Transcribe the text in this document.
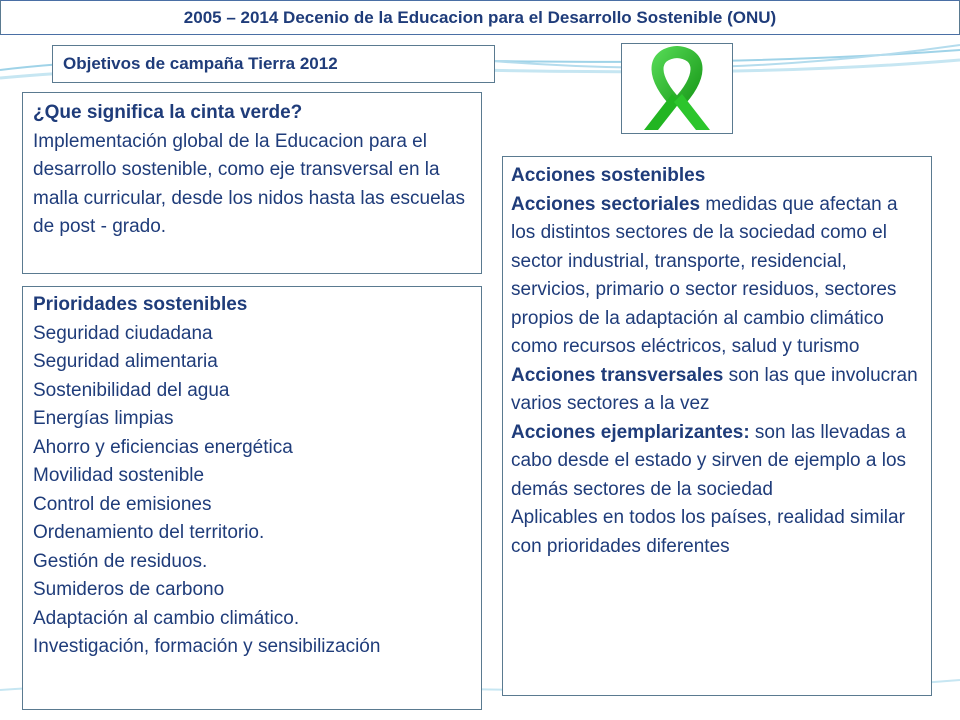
2005 – 2014 Decenio de la Educacion para el Desarrollo Sostenible (ONU)
Objetivos de campaña Tierra 2012
¿Que significa la cinta verde?
Implementación global de la Educacion para el desarrollo sostenible, como eje transversal en la malla curricular, desde los nidos hasta las escuelas de post - grado.
Prioridades sostenibles
Seguridad ciudadana
Seguridad alimentaria
Sostenibilidad del agua
Energías limpias
Ahorro y eficiencias energética
Movilidad sostenible
Control de emisiones
Ordenamiento del territorio.
Gestión de residuos.
Sumideros de carbono
Adaptación al cambio climático.
Investigación, formación y sensibilización
Acciones sostenibles
Acciones sectoriales medidas que afectan a los distintos sectores de la sociedad como el sector industrial, transporte, residencial, servicios, primario o sector residuos, sectores propios de la adaptación al cambio climático como recursos eléctricos, salud y turismo
Acciones transversales son las que involucran varios sectores a la vez
Acciones ejemplarizantes: son las llevadas a cabo desde el estado y sirven de ejemplo a los demás sectores de la sociedad
Aplicables en todos los países, realidad similar con prioridades diferentes
